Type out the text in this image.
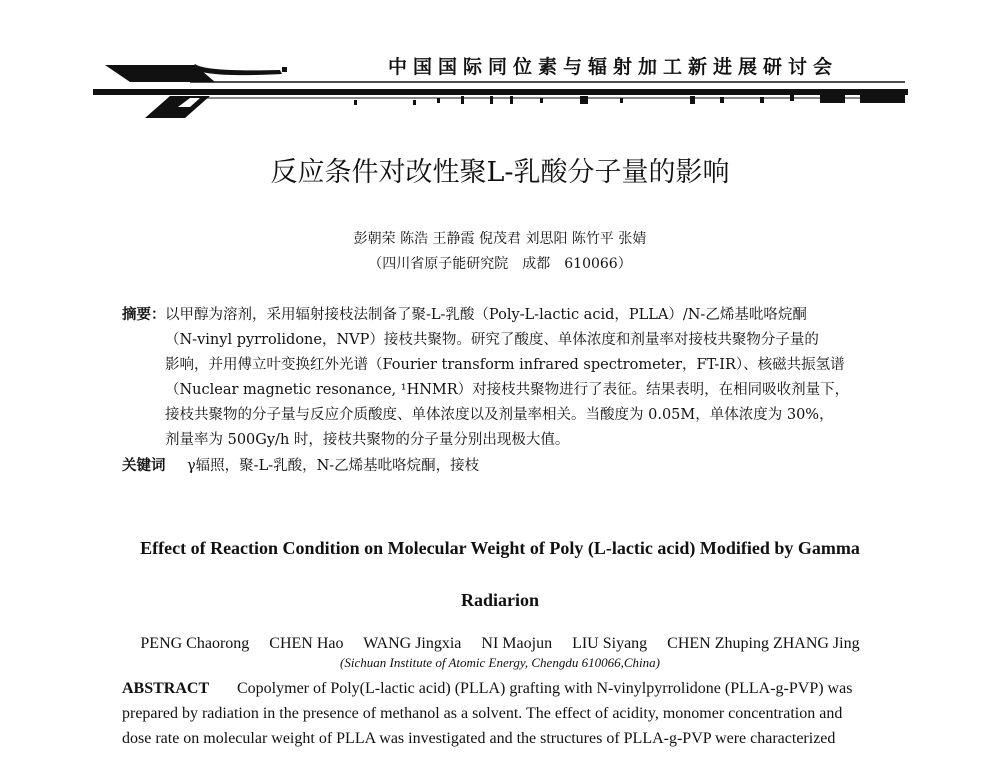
中国国际同位素与辐射加工新进展研讨会
反应条件对改性聚L-乳酸分子量的影响
彭朝荣 陈浩 王静霞 倪茂君 刘思阳 陈竹平 张婧
（四川省原子能研究院　成都　610066）
摘要： 以甲醇为溶剂，采用辐射接枝法制备了聚-L-乳酸（Poly-L-lactic acid，PLLA）/N-乙烯基吡咯烷酮
（N-vinyl pyrrolidone，NVP）接枝共聚物。研究了酸度、单体浓度和剂量率对接枝共聚物分子量的
影响，并用傅立叶变换红外光谱（Fourier transform infrared spectrometer，FT-IR）、核磁共振氢谱
（Nuclear magnetic resonance, ¹HNMR）对接枝共聚物进行了表征。结果表明，在相同吸收剂量下，
接枝共聚物的分子量与反应介质酸度、单体浓度以及剂量率相关。当酸度为 0.05M，单体浓度为 30%，
剂量率为 500Gy/h 时，接枝共聚物的分子量分别出现极大值。
关键词 γ辐照，聚-L-乳酸，N-乙烯基吡咯烷酮，接枝
Effect of Reaction Condition on Molecular Weight of Poly (L-lactic acid) Modified by Gamma
Radiarion
PENG Chaorong　 CHEN Hao　 WANG Jingxia　 NI Maojun　 LIU Siyang　 CHEN Zhuping ZHANG Jing
(Sichuan Institute of Atomic Energy, Chengdu 610066,China)
ABSTRACT Copolymer of Poly(L-lactic acid) (PLLA) grafting with N-vinylpyrrolidone (PLLA-g-PVP) was
prepared by radiation in the presence of methanol as a solvent. The effect of acidity, monomer concentration and
dose rate on molecular weight of PLLA was investigated and the structures of PLLA-g-PVP were characterized
